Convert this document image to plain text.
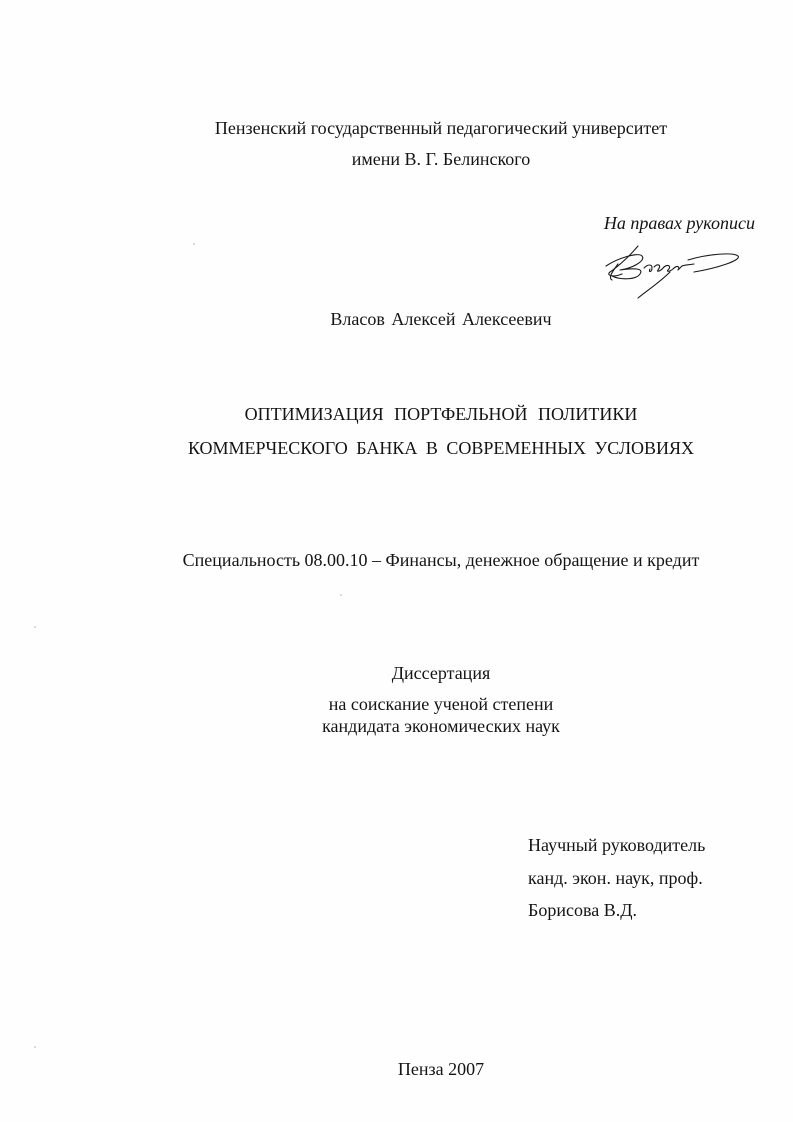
Пензенский государственный педагогический университет
имени В. Г. Белинского
На правах рукописи
Власов Алексей Алексеевич
ОПТИМИЗАЦИЯ ПОРТФЕЛЬНОЙ ПОЛИТИКИ
КОММЕРЧЕСКОГО БАНКА В СОВРЕМЕННЫХ УСЛОВИЯХ
Специальность 08.00.10 – Финансы, денежное обращение и кредит
Диссертация
на соискание ученой степени
кандидата экономических наук
Научный руководитель
канд. экон. наук, проф.
Борисова В.Д.
Пенза 2007
